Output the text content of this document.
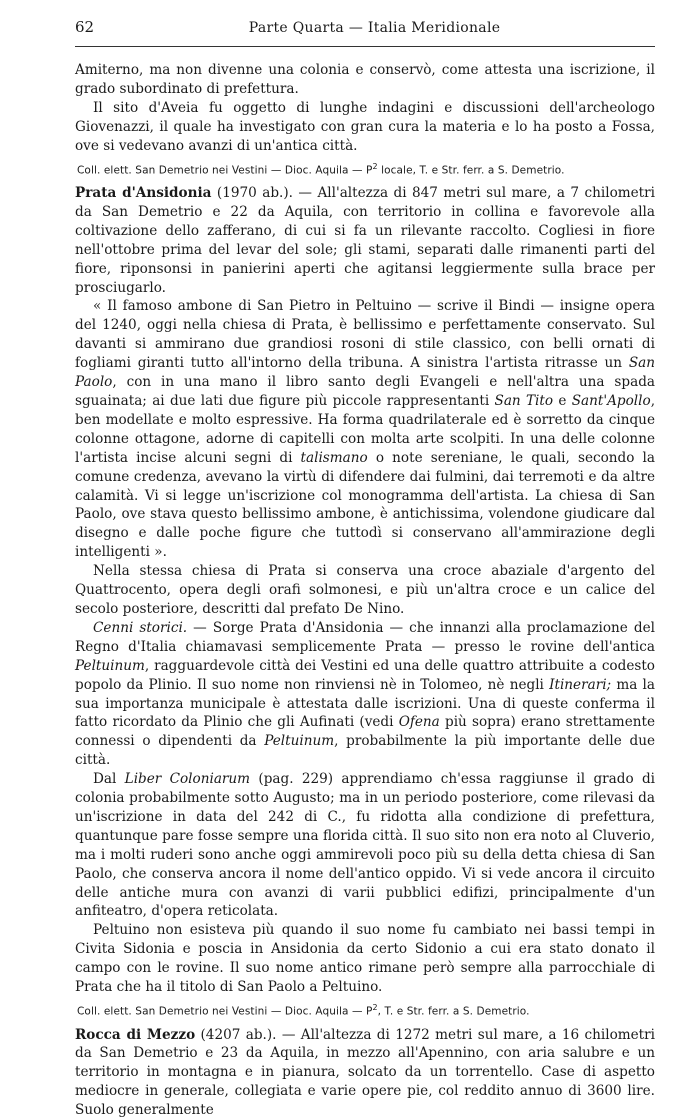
62	Parte Quarta — Italia Meridionale

Amiterno, ma non divenne una colonia e conservò, come attesta una iscrizione, il grado subordinato di prefettura.

Il sito d'Aveia fu oggetto di lunghe indagini e discussioni dell'archeologo Giovenazzi, il quale ha investigato con gran cura la materia e lo ha posto a Fossa, ove si vedevano avanzi di un'antica città.

Coll. elett. San Demetrio nei Vestini — Dioc. Aquila — $P^2$ locale, T. e Str. ferr. a S. Demetrio.

Prata d'Ansidonia (1970 ab.). — All'altezza di 847 metri sul mare, a 7 chilometri da San Demetrio e 22 da Aquila, con territorio in collina e favorevole alla coltivazione dello zafferano, di cui si fa un rilevante raccolto. Cogliesi in fiore nell'ottobre prima del levar del sole; gli stami, separati dalle rimanenti parti del fiore, riponsonsi in panierini aperti che agitansi leggiermente sulla brace per prosciugarlo.

« Il famoso ambone di San Pietro in Peltuino — scrive il Bindi — insigne opera del 1240, oggi nella chiesa di Prata, è bellissimo e perfettamente conservato. Sul davanti si ammirano due grandiosi rosoni di stile classico, con belli ornati di fogliami giranti tutto all'intorno della tribuna. A sinistra l'artista ritrasse un San Paolo, con in una mano il libro santo degli Evangeli e nell'altra una spada sguainata; ai due lati due figure più piccole rappresentanti San Tito e Sant'Apollo, ben modellate e molto espressive. Ha forma quadrilaterale ed è sorretto da cinque colonne ottagone, adorne di capitelli con molta arte scolpiti. In una delle colonne l'artista incise alcuni segni di talismano o note sereniane, le quali, secondo la comune credenza, avevano la virtù di difendere dai fulmini, dai terremoti e da altre calamità. Vi si legge un'iscrizione col monogramma dell'artista. La chiesa di San Paolo, ove stava questo bellissimo ambone, è antichissima, volendone giudicare dal disegno e dalle poche figure che tuttodì si conservano all'ammirazione degli intelligenti ».

Nella stessa chiesa di Prata si conserva una croce abaziale d'argento del Quattrocento, opera degli orafi solmonesi, e più un'altra croce e un calice del secolo posteriore, descritti dal prefato De Nino.

Cenni storici. — Sorge Prata d'Ansidonia — che innanzi alla proclamazione del Regno d'Italia chiamavasi semplicemente Prata — presso le rovine dell'antica Peltuinum, ragguardevole città dei Vestini ed una delle quattro attribuite a codesto popolo da Plinio. Il suo nome non rinviensi nè in Tolomeo, nè negli Itinerari; ma la sua importanza municipale è attestata dalle iscrizioni. Una di queste conferma il fatto ricordato da Plinio che gli Aufinati (vedi Ofena più sopra) erano strettamente connessi o dipendenti da Peltuinum, probabilmente la più importante delle due città.

Dal Liber Coloniarum (pag. 229) apprendiamo ch'essa raggiunse il grado di colonia probabilmente sotto Augusto; ma in un periodo posteriore, come rilevasi da un'iscrizione in data del 242 di C., fu ridotta alla condizione di prefettura, quantunque pare fosse sempre una florida città. Il suo sito non era noto al Cluverio, ma i molti ruderi sono anche oggi ammirevoli poco più su della detta chiesa di San Paolo, che conserva ancora il nome dell'antico oppido. Vi si vede ancora il circuito delle antiche mura con avanzi di varii pubblici edifizi, principalmente d'un anfiteatro, d'opera reticolata.

Peltuino non esisteva più quando il suo nome fu cambiato nei bassi tempi in Civita Sidonia e poscia in Ansidonia da certo Sidonio a cui era stato donato il campo con le rovine. Il suo nome antico rimane però sempre alla parrocchiale di Prata che ha il titolo di San Paolo a Peltuino.

Coll. elett. San Demetrio nei Vestini — Dioc. Aquila — $P^2$, T. e Str. ferr. a S. Demetrio.

Rocca di Mezzo (4207 ab.). — All'altezza di 1272 metri sul mare, a 16 chilometri da San Demetrio e 23 da Aquila, in mezzo all'Apennino, con aria salubre e un territorio in montagna e in pianura, solcato da un torrentello. Case di aspetto mediocre in generale, collegiata e varie opere pie, col reddito annuo di 3600 lire. Suolo generalmente
